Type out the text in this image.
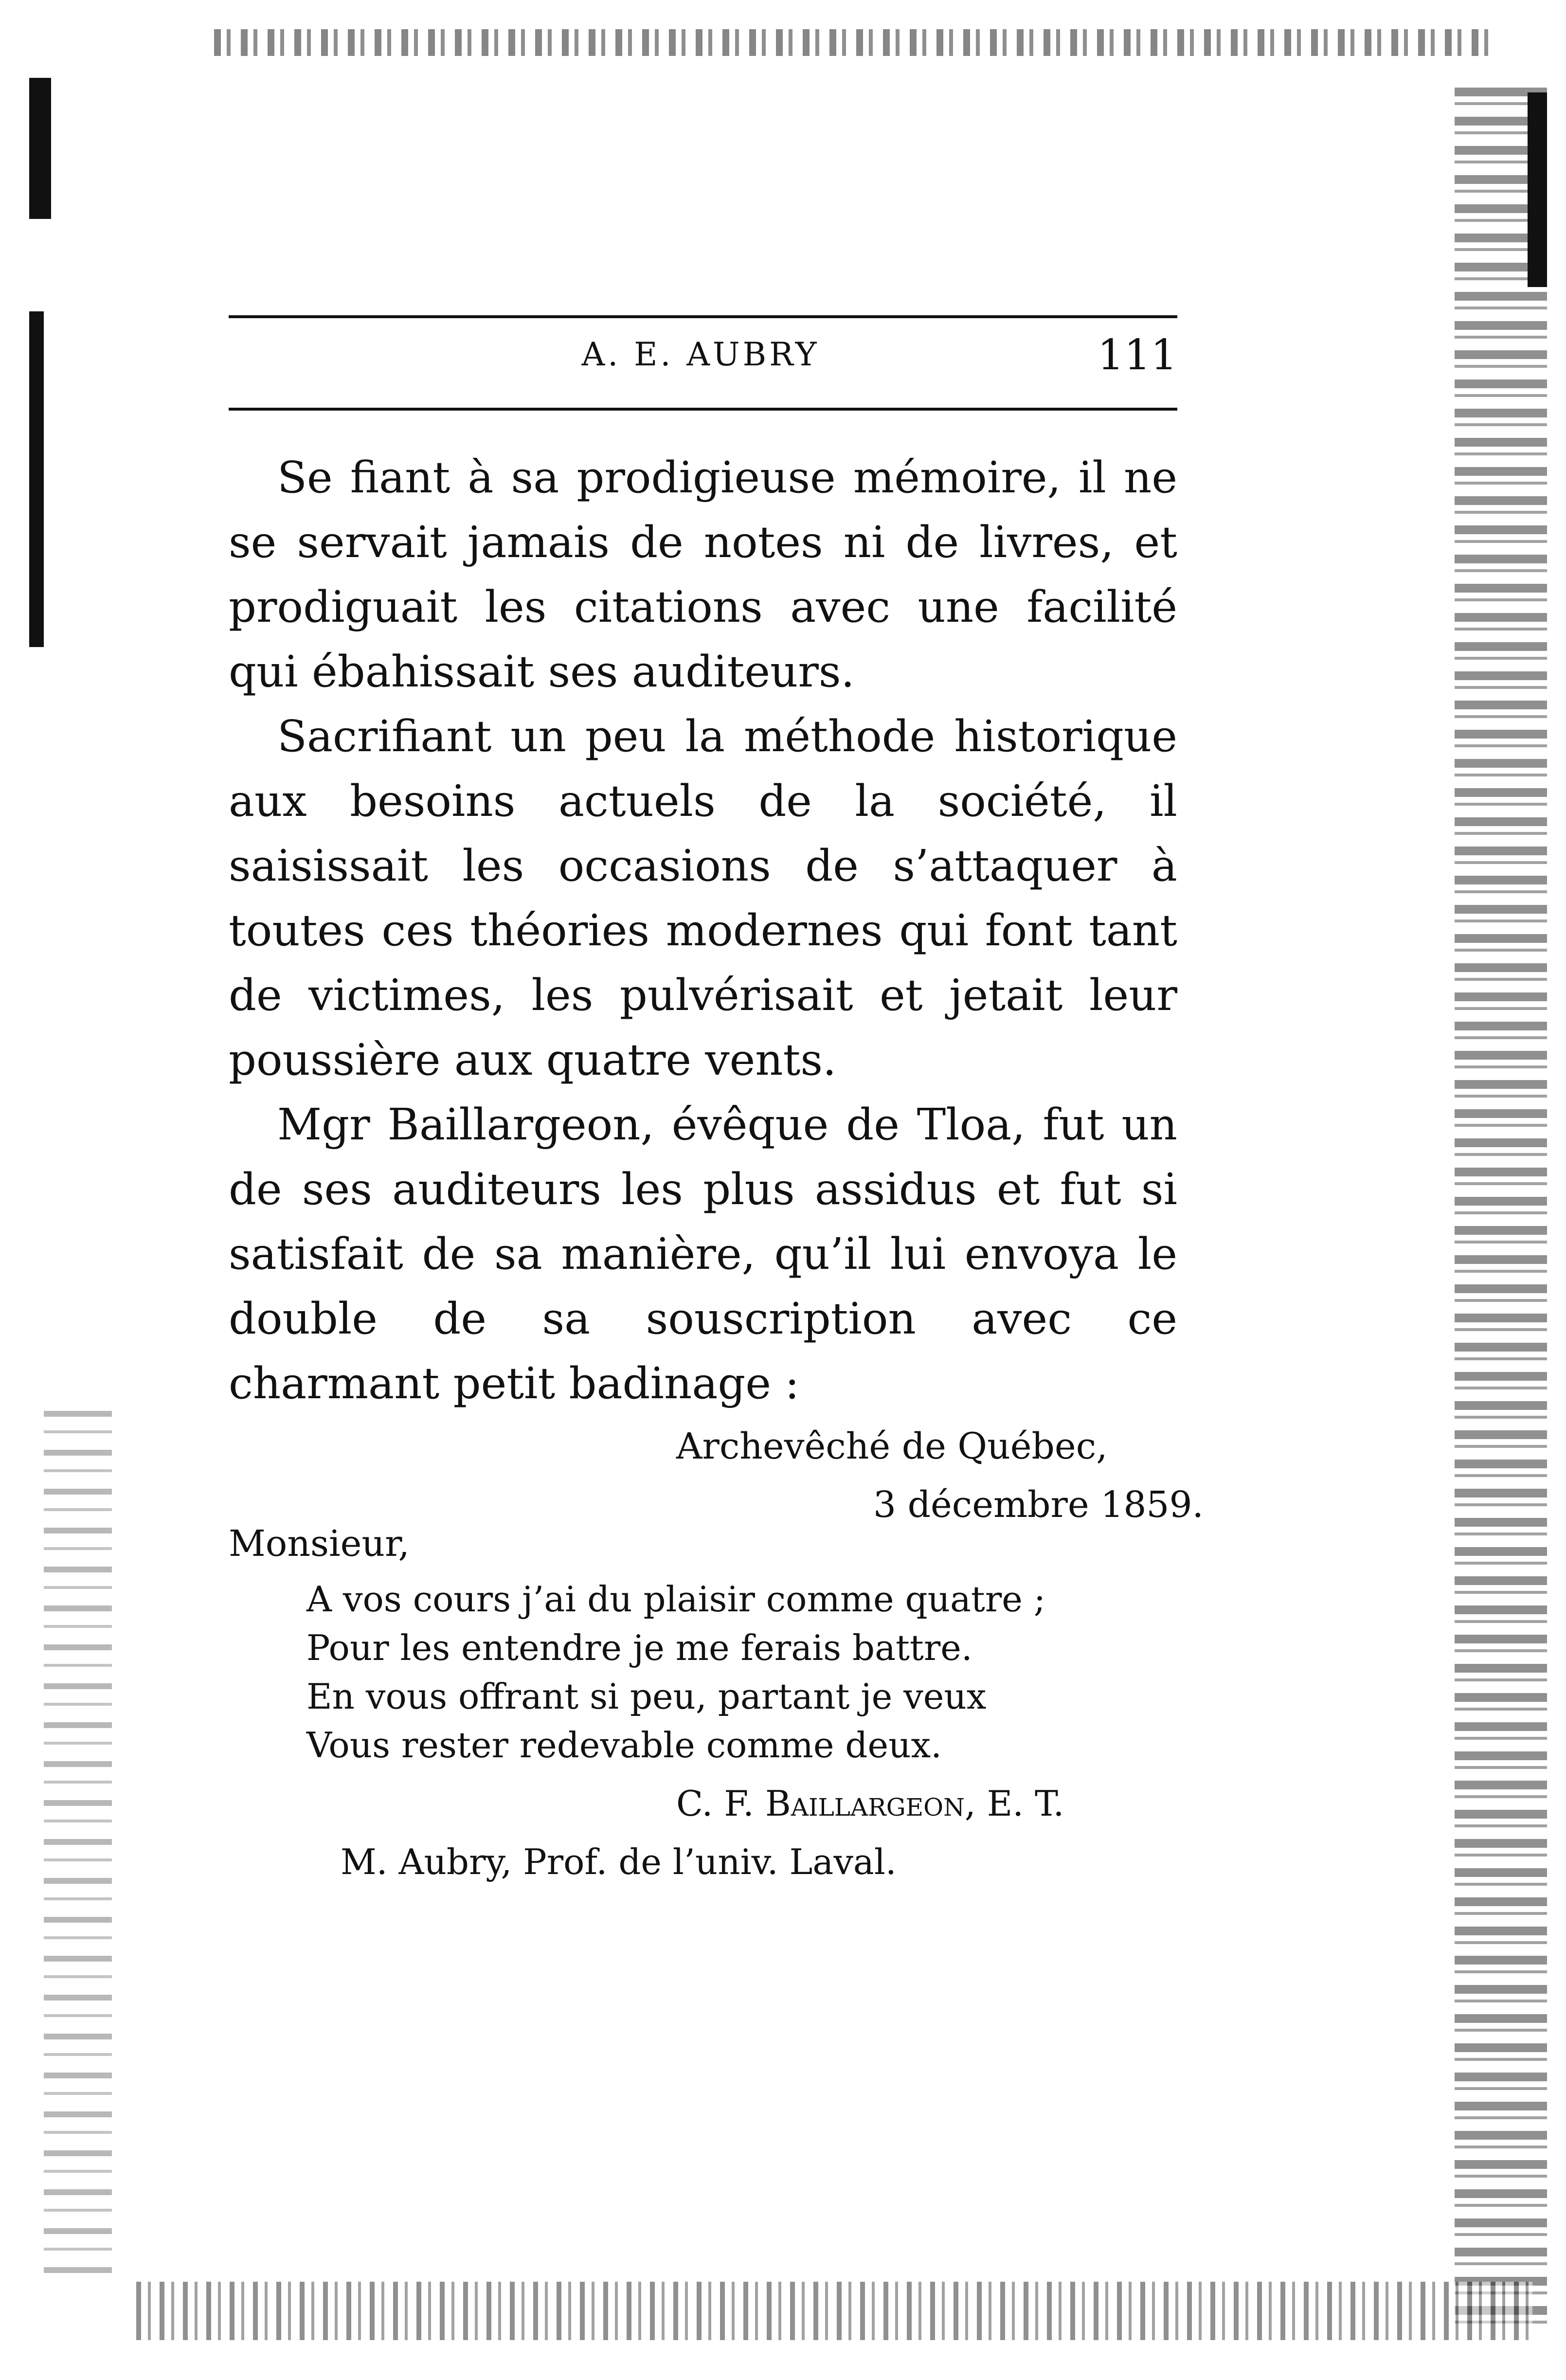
A. E. AUBRY	111

Se fiant à sa prodigieuse mémoire, il ne se servait jamais de notes ni de livres, et prodiguait les citations avec une facilité qui ébahissait ses auditeurs.

Sacrifiant un peu la méthode historique aux besoins actuels de la société, il saisissait les occasions de s’attaquer à toutes ces théories modernes qui font tant de victimes, les pulvérisait et jetait leur poussière aux quatre vents.

Mgr Baillargeon, évêque de Tloa, fut un de ses auditeurs les plus assidus et fut si satisfait de sa manière, qu’il lui envoya le double de sa souscription avec ce charmant petit badinage :

Archevêché de Québec,
3 décembre 1859.
Monsieur,
A vos cours j’ai du plaisir comme quatre ;
Pour les entendre je me ferais battre.
En vous offrant si peu, partant je veux
Vous rester redevable comme deux.
C. F. Baillargeon, E. T.
M. Aubry, Prof. de l’univ. Laval.
